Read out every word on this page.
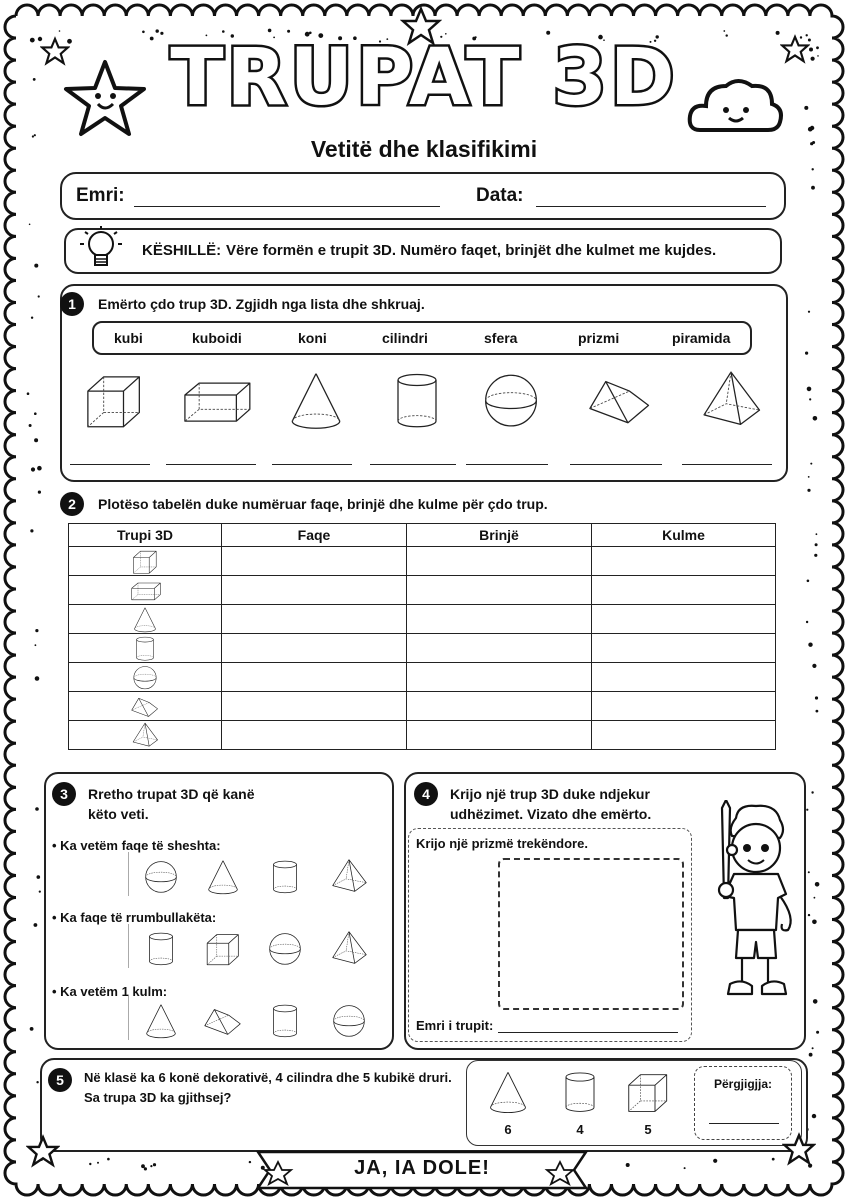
TRUPAT 3D
Vetitë dhe klasifikimi
Emri:	Data:
KËSHILLË: Vëre formën e trupit 3D. Numëro faqet, brinjët dhe kulmet me kujdes.
1	Emërto çdo trup 3D. Zgjidh nga lista dhe shkruaj.
kubi	kuboidi	koni	cilindri	sfera	prizmi	piramida
2	Plotëso tabelën duke numëruar faqe, brinjë dhe kulme për çdo trup.
Trupi 3D	Faqe	Brinjë	Kulme

3	Rretho trupat 3D që kanë këto veti.
• Ka vetëm faqe të sheshta:
• Ka faqe të rrumbullakëta:
• Ka vetëm 1 kulm:
4	Krijo një trup 3D duke ndjekur udhëzimet. Vizato dhe emërto.
Krijo një prizmë trekëndore.
Emri i trupit:
5	Në klasë ka 6 konë dekorativë, 4 cilindra dhe 5 kubikë druri. Sa trupa 3D ka gjithsej?
6	4	5
Përgjigjja:
JA, IA DOLE!
